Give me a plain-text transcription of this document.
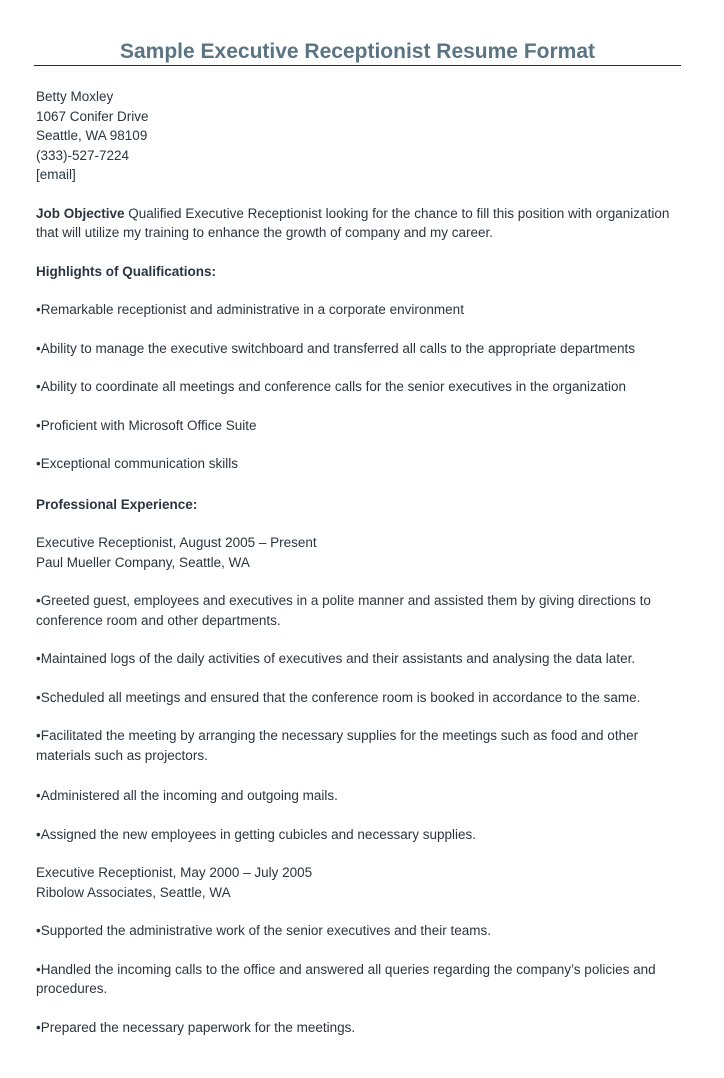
Sample Executive Receptionist Resume Format

Betty Moxley

1067 Conifer Drive

Seattle, WA 98109

(333)-527-7224

[email]

Job Objective Qualified Executive Receptionist looking for the chance to fill this position with organization that will utilize my training to enhance the growth of company and my career.

Highlights of Qualifications:

•Remarkable receptionist and administrative in a corporate environment

•Ability to manage the executive switchboard and transferred all calls to the appropriate departments

•Ability to coordinate all meetings and conference calls for the senior executives in the organization

•Proficient with Microsoft Office Suite

•Exceptional communication skills

Professional Experience:

Executive Receptionist, August 2005 – Present

Paul Mueller Company, Seattle, WA

•Greeted guest, employees and executives in a polite manner and assisted them by giving directions to conference room and other departments.

•Maintained logs of the daily activities of executives and their assistants and analysing the data later.

•Scheduled all meetings and ensured that the conference room is booked in accordance to the same.

•Facilitated the meeting by arranging the necessary supplies for the meetings such as food and other materials such as projectors.

•Administered all the incoming and outgoing mails.

•Assigned the new employees in getting cubicles and necessary supplies.

Executive Receptionist, May 2000 – July 2005

Ribolow Associates, Seattle, WA

•Supported the administrative work of the senior executives and their teams.

•Handled the incoming calls to the office and answered all queries regarding the company’s policies and procedures.

•Prepared the necessary paperwork for the meetings.
